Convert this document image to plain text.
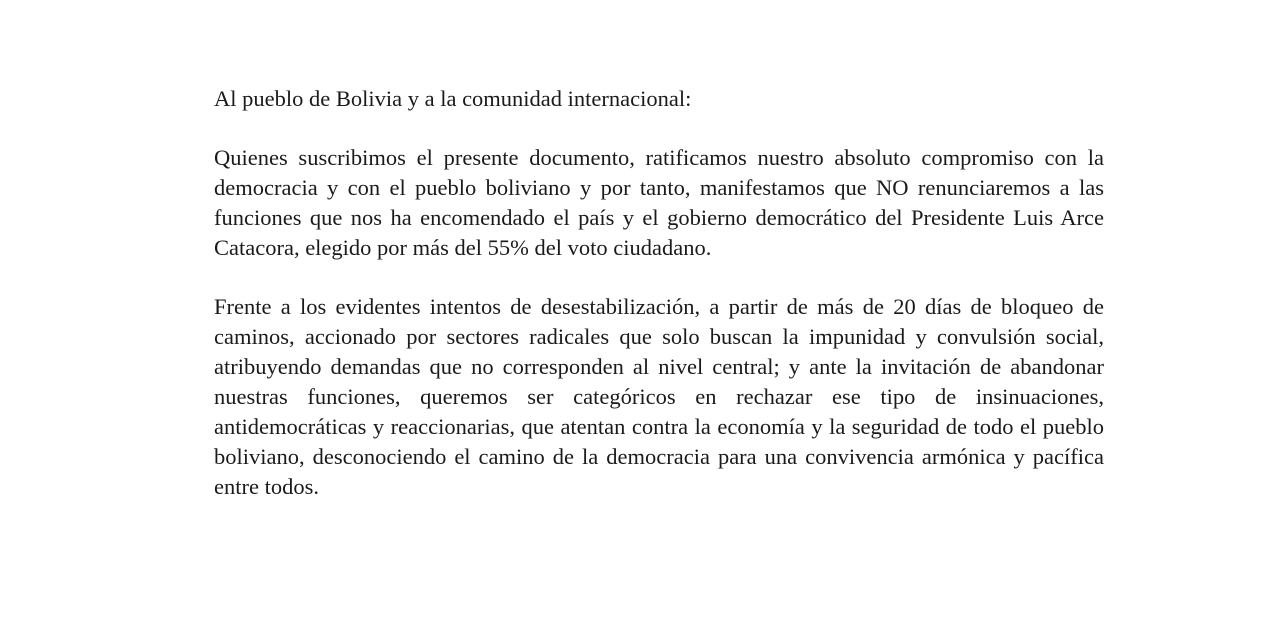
Al pueblo de Bolivia y a la comunidad internacional:

Quienes suscribimos el presente documento, ratificamos nuestro absoluto compromiso con la democracia y con el pueblo boliviano y por tanto, manifestamos que NO renunciaremos a las funciones que nos ha encomendado el país y el gobierno democrático del Presidente Luis Arce Catacora, elegido por más del 55% del voto ciudadano.

Frente a los evidentes intentos de desestabilización, a partir de más de 20 días de bloqueo de caminos, accionado por sectores radicales que solo buscan la impunidad y convulsión social, atribuyendo demandas que no corresponden al nivel central; y ante la invitación de abandonar nuestras funciones, queremos ser categóricos en rechazar ese tipo de insinuaciones, antidemocráticas y reaccionarias, que atentan contra la economía y la seguridad de todo el pueblo boliviano, desconociendo el camino de la democracia para una convivencia armónica y pacífica entre todos.
